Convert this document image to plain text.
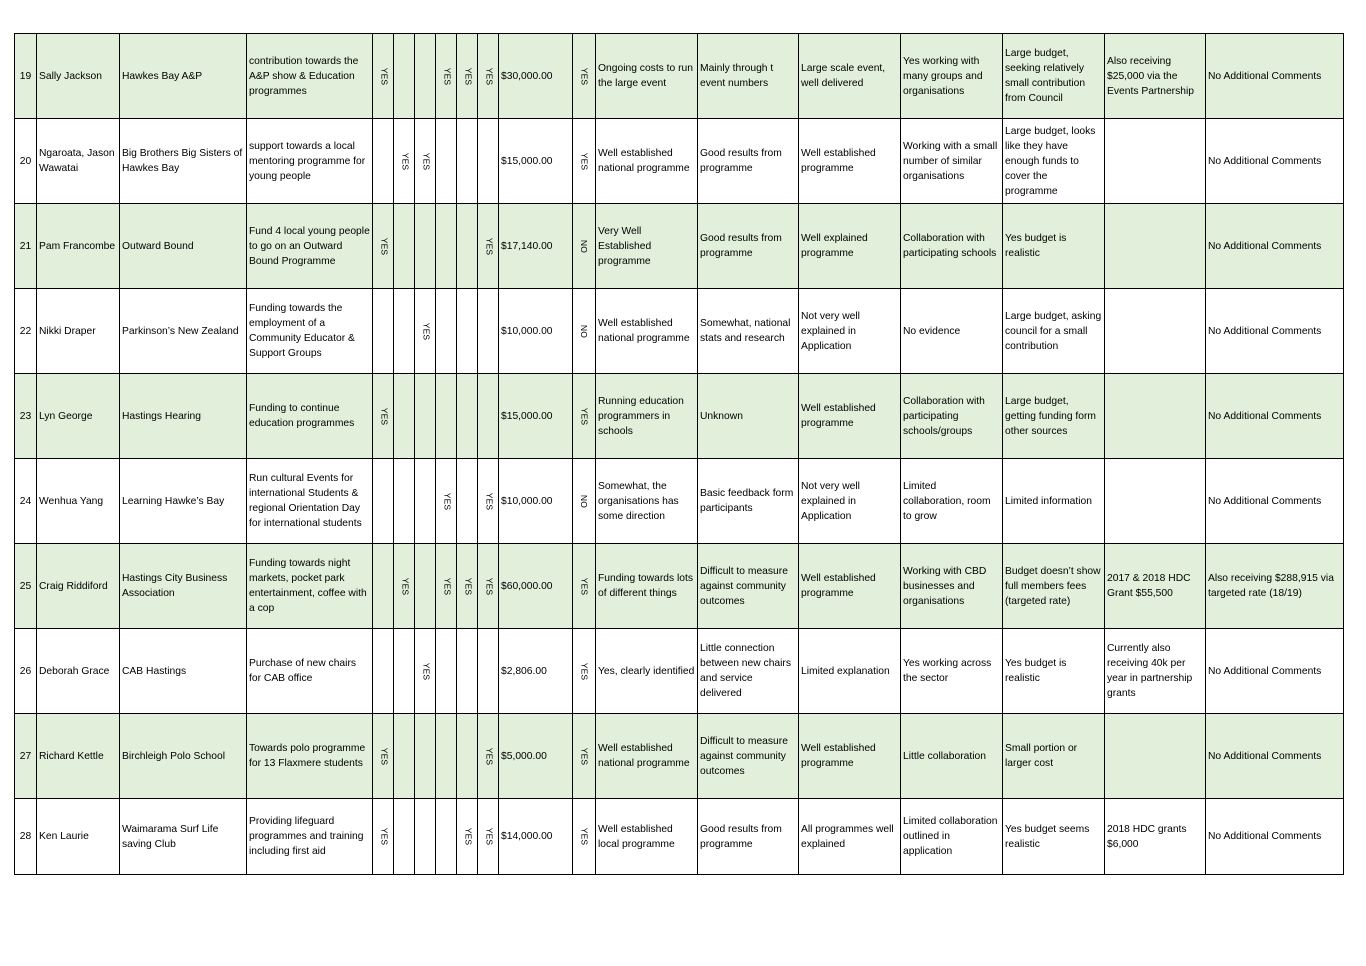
19	Sally Jackson	Hawkes Bay A&P	contribution towards the A&P show & Education programmes	YES			YES	YES	YES	$30,000.00	YES	Ongoing costs to run the large event	Mainly through t event numbers	Large scale event, well delivered	Yes working with many groups and organisations	Large budget, seeking relatively small contribution from Council	Also receiving $25,000 via the Events Partnership	No Additional Comments
20	Ngaroata, Jason Wawatai	Big Brothers Big Sisters of Hawkes Bay	support towards a local mentoring programme for young people		YES	YES				$15,000.00	YES	Well established national programme	Good results from programme	Well established programme	Working with a small number of similar organisations	Large budget, looks like they have enough funds to cover the programme		No Additional Comments
21	Pam Francombe	Outward Bound	Fund 4 local young people to go on an Outward Bound Programme	YES					YES	$17,140.00	NO	Very Well Established programme	Good results from programme	Well explained programme	Collaboration with participating schools	Yes budget is realistic		No Additional Comments
22	Nikki Draper	Parkinson’s New Zealand	Funding towards the employment of a Community Educator & Support Groups			YES				$10,000.00	NO	Well established national programme	Somewhat, national stats and research	Not very well explained in Application	No evidence	Large budget, asking council for a small contribution		No Additional Comments
23	Lyn George	Hastings Hearing	Funding to continue education programmes	YES						$15,000.00	YES	Running education programmers in schools	Unknown	Well established programme	Collaboration with participating schools/groups	Large budget, getting funding form other sources		No Additional Comments
24	Wenhua Yang	Learning Hawke’s Bay	Run cultural Events for international Students & regional Orientation Day for international students				YES		YES	$10,000.00	NO	Somewhat, the organisations has some direction	Basic feedback form participants	Not very well explained in Application	Limited collaboration, room to grow	Limited information		No Additional Comments
25	Craig Riddiford	Hastings City Business Association	Funding towards night markets, pocket park entertainment, coffee with a cop		YES		YES	YES	YES	$60,000.00	YES	Funding towards lots of different things	Difficult to measure against community outcomes	Well established programme	Working with CBD businesses and organisations	Budget doesn’t show full members fees (targeted rate)	2017 & 2018 HDC Grant $55,500	Also receiving $288,915 via targeted rate (18/19)
26	Deborah Grace	CAB Hastings	Purchase of new chairs for CAB office			YES				$2,806.00	YES	Yes, clearly identified	Little connection between new chairs and service delivered	Limited explanation	Yes working across the sector	Yes budget is realistic	Currently also receiving 40k per year in partnership grants	No Additional Comments
27	Richard Kettle	Birchleigh Polo School	Towards polo programme for 13 Flaxmere students	YES					YES	$5,000.00	YES	Well established national programme	Difficult to measure against community outcomes	Well established programme	Little collaboration	Small portion or larger cost		No Additional Comments
28	Ken Laurie	Waimarama Surf Life saving Club	Providing lifeguard programmes and training including first aid	YES				YES	YES	$14,000.00	YES	Well established local programme	Good results from programme	All programmes well explained	Limited collaboration outlined in application	Yes budget seems realistic	2018 HDC grants $6,000	No Additional Comments
